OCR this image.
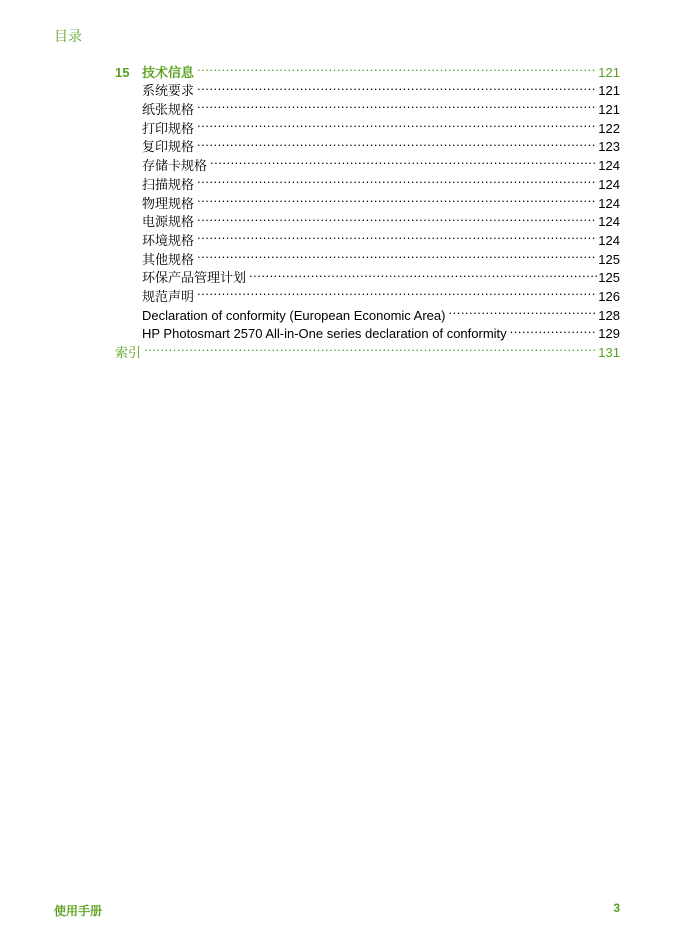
目录
15 技术信息 .....	121
系统要求 .....	121
纸张规格 .....	121
打印规格 .....	122
复印规格 .....	123
存储卡规格 .....	124
扫描规格 .....	124
物理规格 .....	124
电源规格 .....	124
环境规格 .....	124
其他规格 .....	125
环保产品管理计划 .....	125
规范声明 .....	126
Declaration of conformity (European Economic Area) .....	128
HP Photosmart 2570 All-in-One series declaration of conformity .....	129
索引 .....	131
使用手册	3
